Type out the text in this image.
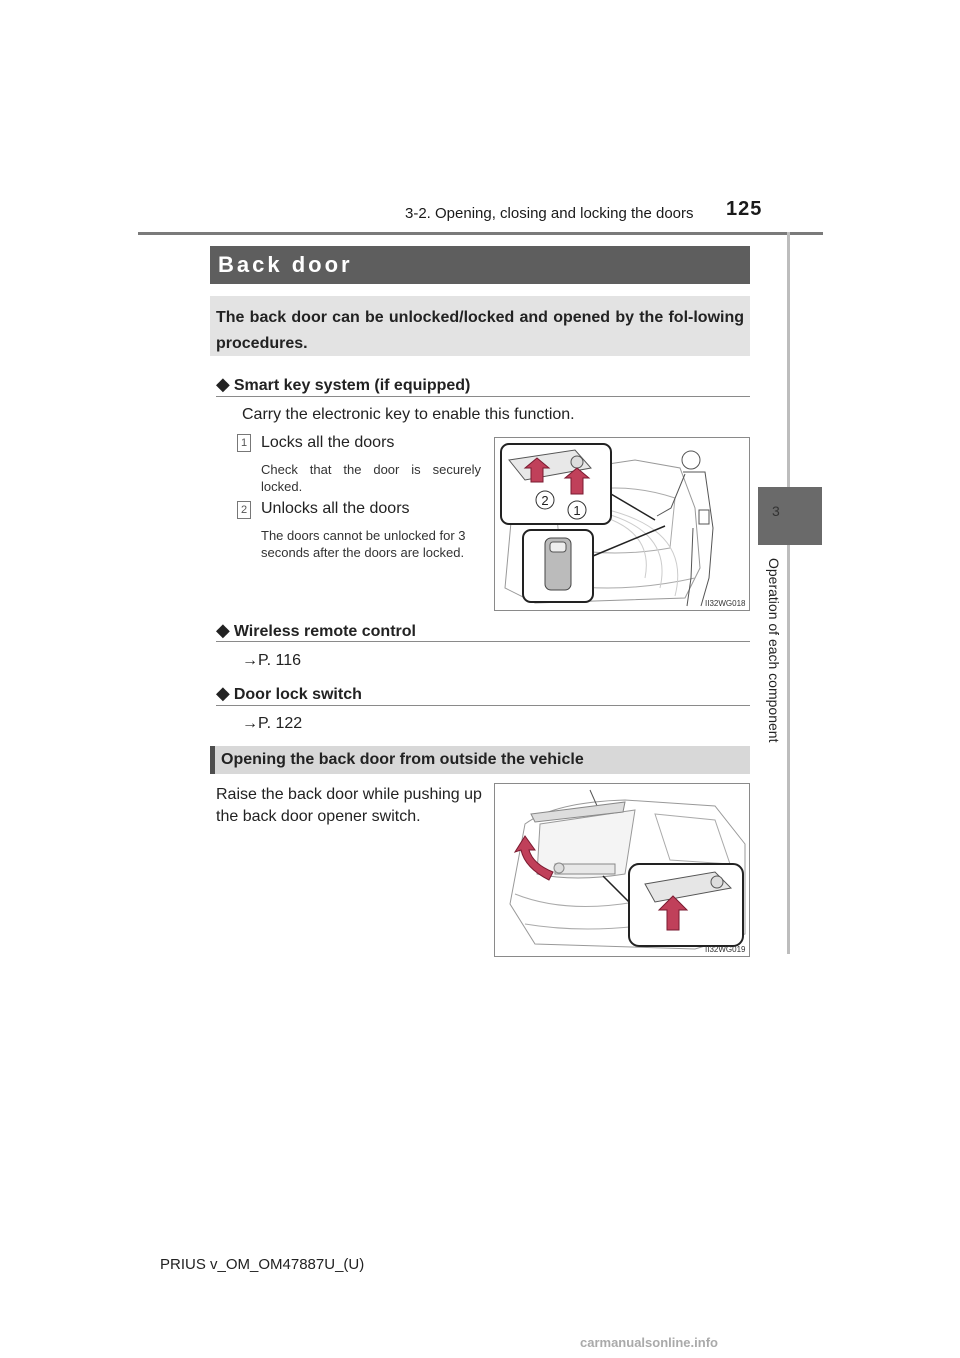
3-2. Opening, closing and locking the doors 125
3
Operation of each component
Back door
The back door can be unlocked/locked and opened by the fol-lowing procedures.
◆ Smart key system (if equipped)
Carry the electronic key to enable this function.
1 Locks all the doors
Check that the door is securely locked.
2 Unlocks all the doors
The doors cannot be unlocked for 3 seconds after the doors are locked.
2
1
II32WG018
◆ Wireless remote control
→P. 116
◆ Door lock switch
→P. 122
Opening the back door from outside the vehicle
Raise the back door while pushing up the back door opener switch.
II32WG019
PRIUS v_OM_OM47887U_(U)
carmanualsonline.info
